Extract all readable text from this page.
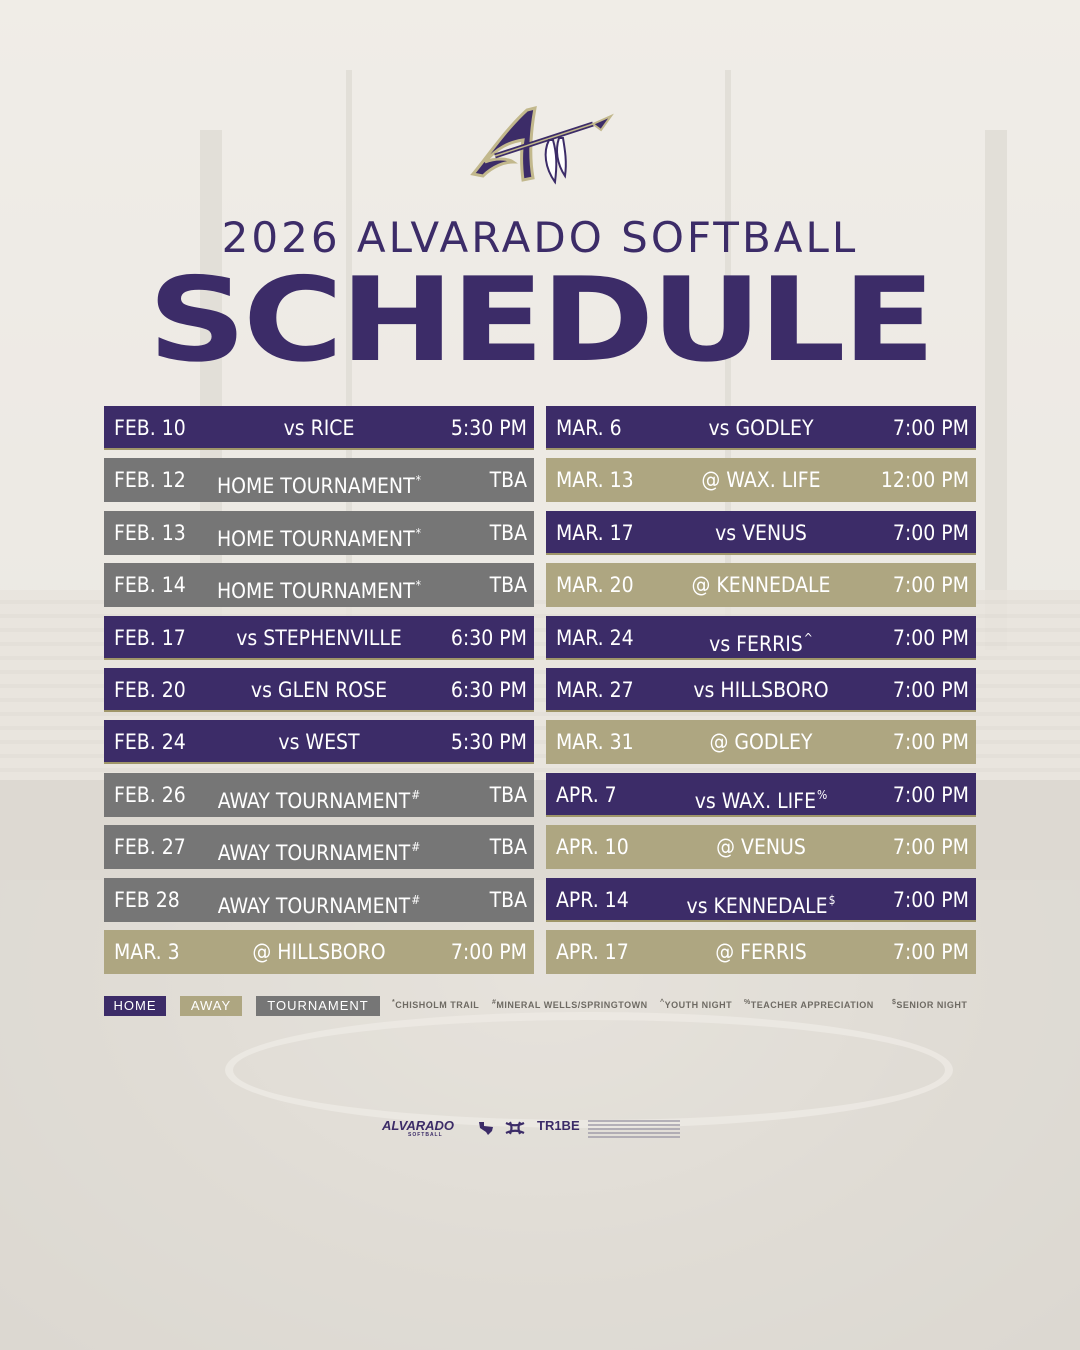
2026 ALVARADO SOFTBALL
SCHEDULE
FEB. 10	vs RICE	5:30 PM
FEB. 12	HOME TOURNAMENT*	TBA
FEB. 13	HOME TOURNAMENT*	TBA
FEB. 14	HOME TOURNAMENT*	TBA
FEB. 17	vs STEPHENVILLE	6:30 PM
FEB. 20	vs GLEN ROSE	6:30 PM
FEB. 24	vs WEST	5:30 PM
FEB. 26	AWAY TOURNAMENT#	TBA
FEB. 27	AWAY TOURNAMENT#	TBA
FEB 28	AWAY TOURNAMENT#	TBA
MAR. 3	@ HILLSBORO	7:00 PM
MAR. 6	vs GODLEY	7:00 PM
MAR. 13	@ WAX. LIFE	12:00 PM
MAR. 17	vs VENUS	7:00 PM
MAR. 20	@ KENNEDALE	7:00 PM
MAR. 24	vs FERRIS^	7:00 PM
MAR. 27	vs HILLSBORO	7:00 PM
MAR. 31	@ GODLEY	7:00 PM
APR. 7	vs WAX. LIFE%	7:00 PM
APR. 10	@ VENUS	7:00 PM
APR. 14	vs KENNEDALE$	7:00 PM
APR. 17	@ FERRIS	7:00 PM
HOME	AWAY	TOURNAMENT	*CHISHOLM TRAIL #MINERAL WELLS/SPRINGTOWN ^YOUTH NIGHT %TEACHER APPRECIATION	$SENIOR NIGHT
ALVARADO
SOFTBALL
TR1BE
